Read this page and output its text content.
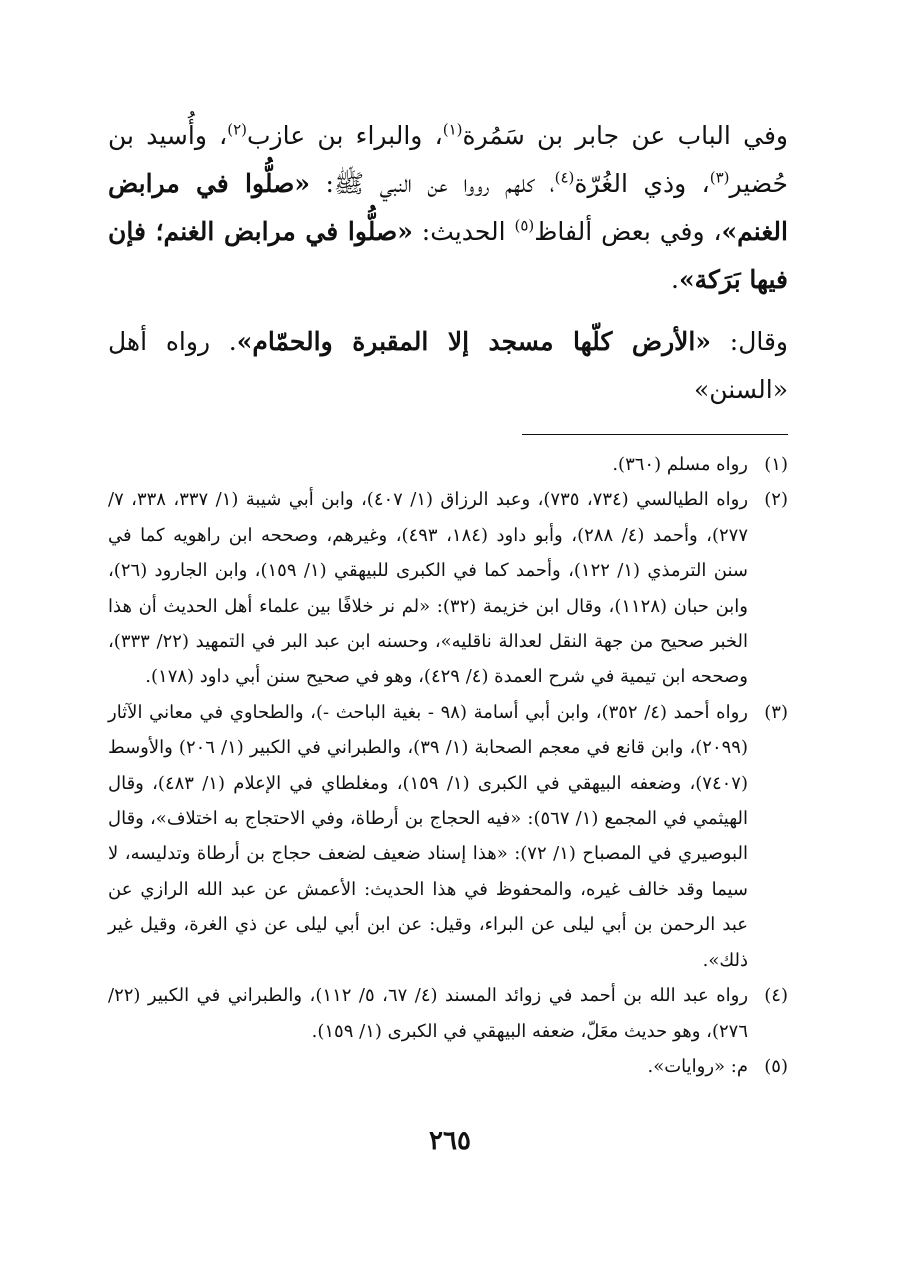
وفي الباب عن جابر بن سَمُرة$^{(١)}$، والبراء بن عازب$^{(٢)}$، وأُسيد بن حُضير$^{(٣)}$، وذي الغُرّة$^{(٤)}$، كلهم رووا عن النبي ﷺ: «صلُّوا في مرابض الغنم»، وفي بعض ألفاظ$^{(٥)}$ الحديث: «صلُّوا في مرابض الغنم؛ فإن فيها بَرَكة».

وقال: «الأرض كلّها مسجد إلا المقبرة والحمّام». رواه أهل «السنن»

(١)
رواه مسلم (٣٦٠).
(٢)
رواه الطيالسي (٧٣٤، ٧٣٥)، وعبد الرزاق (١/ ٤٠٧)، وابن أبي شيبة (١/ ٣٣٧، ٣٣٨، ٧/ ٢٧٧)، وأحمد (٤/ ٢٨٨)، وأبو داود (١٨٤، ٤٩٣)، وغيرهم، وصححه ابن راهويه كما في سنن الترمذي (١/ ١٢٢)، وأحمد كما في الكبرى للبيهقي (١/ ١٥٩)، وابن الجارود (٢٦)، وابن حبان (١١٢٨)، وقال ابن خزيمة (٣٢): «لم نر خلافًا بين علماء أهل الحديث أن هذا الخبر صحيح من جهة النقل لعدالة ناقليه»، وحسنه ابن عبد البر في التمهيد (٢٢/ ٣٣٣)، وصححه ابن تيمية في شرح العمدة (٤/ ٤٢٩)، وهو في صحيح سنن أبي داود (١٧٨).
(٣)
رواه أحمد (٤/ ٣٥٢)، وابن أبي أسامة (٩٨ - بغية الباحث -)، والطحاوي في معاني الآثار (٢٠٩٩)، وابن قانع في معجم الصحابة (١/ ٣٩)، والطبراني في الكبير (١/ ٢٠٦) والأوسط (٧٤٠٧)، وضعفه البيهقي في الكبرى (١/ ١٥٩)، ومغلطاي في الإعلام (١/ ٤٨٣)، وقال الهيثمي في المجمع (١/ ٥٦٧): «فيه الحجاج بن أرطاة، وفي الاحتجاج به اختلاف»، وقال البوصيري في المصباح (١/ ٧٢): «هذا إسناد ضعيف لضعف حجاج بن أرطاة وتدليسه، لا سيما وقد خالف غيره، والمحفوظ في هذا الحديث: الأعمش عن عبد الله الرازي عن عبد الرحمن بن أبي ليلى عن البراء، وقيل: عن ابن أبي ليلى عن ذي الغرة، وقيل غير ذلك».
(٤)
رواه عبد الله بن أحمد في زوائد المسند (٤/ ٦٧، ٥/ ١١٢)، والطبراني في الكبير (٢٢/ ٢٧٦)، وهو حديث معَلّ، ضعفه البيهقي في الكبرى (١/ ١٥٩).
(٥)
م: «روايات».
٢٦٥
